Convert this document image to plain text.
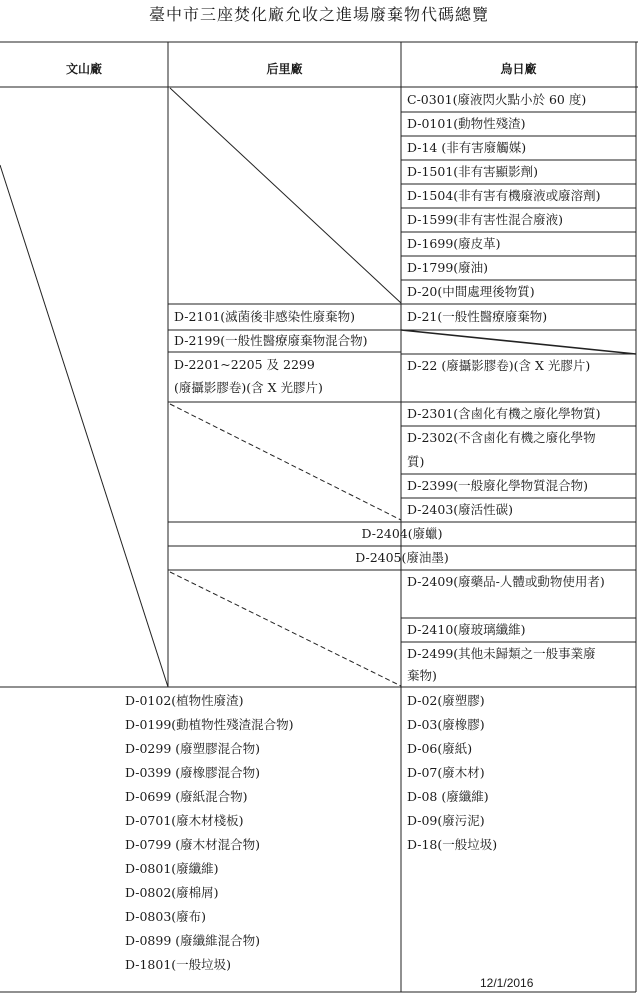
臺中市三座焚化廠允收之進場廢棄物代碼總覽
文山廠	后里廠	烏日廠
C-0301(廢液閃火點小於 60 度)
D-0101(動物性殘渣)
D-14 (非有害廢觸媒)
D-1501(非有害顯影劑)
D-1504(非有害有機廢液或廢溶劑)
D-1599(非有害性混合廢液)
D-1699(廢皮革)
D-1799(廢油)
D-20(中間處理後物質)
D-21(一般性醫療廢棄物)
D-22 (廢攝影膠卷)(含 X 光膠片)
D-2301(含鹵化有機之廢化學物質)
D-2302(不含鹵化有機之廢化學物
質)
D-2399(一般廢化學物質混合物)
D-2403(廢活性碳)
D-2409(廢藥品-人體或動物使用者)
D-2410(廢玻璃纖維)
D-2499(其他未歸類之一般事業廢
棄物)
D-2101(滅菌後非感染性廢棄物)
D-2199(一般性醫療廢棄物混合物)
D-2201~2205 及 2299
(廢攝影膠卷)(含 X 光膠片)
D-2404(廢蠟)
D-2405(廢油墨)
D-0102(植物性廢渣)
D-0199(動植物性殘渣混合物)
D-0299 (廢塑膠混合物)
D-0399 (廢橡膠混合物)
D-0699 (廢紙混合物)
D-0701(廢木材棧板)
D-0799 (廢木材混合物)
D-0801(廢纖維)
D-0802(廢棉屑)
D-0803(廢布)
D-0899 (廢纖維混合物)
D-1801(一般垃圾)
D-02(廢塑膠)
D-03(廢橡膠)
D-06(廢紙)
D-07(廢木材)
D-08 (廢纖維)
D-09(廢污泥)
D-18(一般垃圾)
12/1/2016
